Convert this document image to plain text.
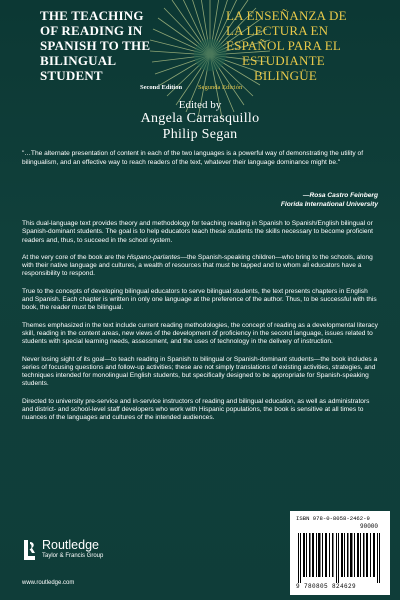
THE TEACHING
OF READING IN
SPANISH TO THE
BILINGUAL
STUDENT
LA ENSEÑANZA DE
LA LECTURA EN
ESPAÑOL PARA EL
ESTUDIANTE
BILINGÜE
Second Edition Segunda Edición
Edited by
Angela Carrasquillo
Philip Segan
"…The alternate presentation of content in each of the two languages is a powerful way of demonstrating the utility of bilingualism, and an effective way to reach readers of the text, whatever their language dominance might be."
—Rosa Castro Feinberg
Florida International University

This dual-language text provides theory and methodology for teaching reading in Spanish to Spanish/English bilingual or Spanish-dominant students. The goal is to help educators teach these students the skills necessary to become proficient readers and, thus, to succeed in the school system.

At the very core of the book are the Hispano-parlantes—the Spanish-speaking children—who bring to the schools, along with their native language and cultures, a wealth of resources that must be tapped and to whom all educators have a responsibility to respond.

True to the concepts of developing bilingual educators to serve bilingual students, the text presents chapters in English and Spanish. Each chapter is written in only one language at the preference of the author. Thus, to be successful with this book, the reader must be bilingual.

Themes emphasized in the text include current reading methodologies, the concept of reading as a developmental literacy skill, reading in the content areas, new views of the development of proficiency in the second language, issues related to students with special learning needs, assessment, and the uses of technology in the delivery of instruction.

Never losing sight of its goal—to teach reading in Spanish to bilingual or Spanish-dominant students—the book includes a series of focusing questions and follow-up activities; these are not simply translations of existing activities, strategies, and techniques intended for monolingual English students, but specifically designed to be appropriate for Spanish-speaking students.

Directed to university pre-service and in-service instructors of reading and bilingual education, as well as administrators and district- and school-level staff developers who work with Hispanic populations, the book is sensitive at all times to nuances of the languages and cultures of the intended audiences.

Routledge
Taylor & Francis Group
www.routledge.com
ISBN 978-0-8058-2462-9
90000
9 780805 824629
